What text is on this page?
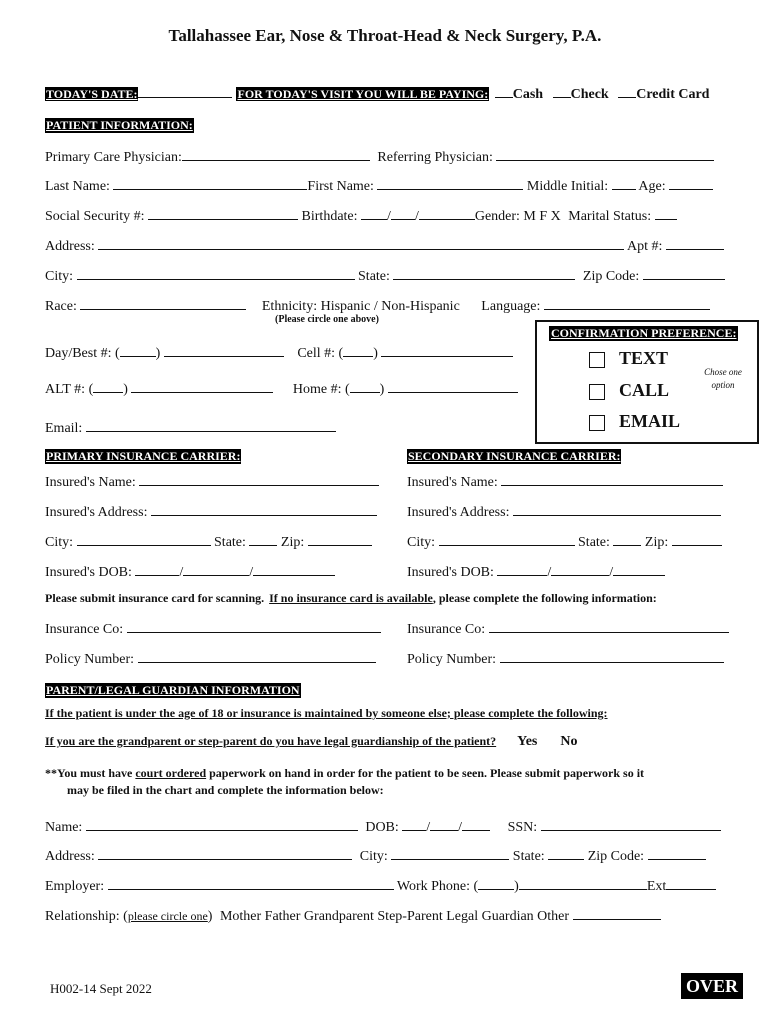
Tallahassee Ear, Nose & Throat-Head & Neck Surgery, P.A.
TODAY'S DATE:	FOR TODAY'S VISIT YOU WILL BE PAYING: Cash Check Credit Card
PATIENT INFORMATION:
Primary Care Physician:	Referring Physician:
Last Name:	First Name:	Middle Initial: Age:
Social Security #:	Birthdate: / /	Gender: M F X Marital Status:
Address:	Apt #:
City:	State:	Zip Code:
Race:	Ethnicity: Hispanic / Non-Hispanic Language:
(Please circle one above)
Day/Best #: (	)	Cell #: ( )
ALT #: ( )	Home #: ( )
Email:
CONFIRMATION PREFERENCE:
TEXT
CALL
EMAIL
Chose one option
PRIMARY INSURANCE CARRIER:	SECONDARY INSURANCE CARRIER:
Insured's Name:
Insured's Address:
City:	State:	Zip:
Insured's DOB:	/	/
Insured's Name:
Insured's Address:
City:	State:	Zip:
Insured's DOB:	/	/
Please submit insurance card for scanning. If no insurance card is available, please complete the following information:
Insurance Co:	Insurance Co:
Policy Number:	Policy Number:
PARENT/LEGAL GUARDIAN INFORMATION
If the patient is under the age of 18 or insurance is maintained by someone else; please complete the following:
If you are the grandparent or step-parent do you have legal guardianship of the patient? Yes No
**You must have court ordered paperwork on hand in order for the patient to be seen. Please submit paperwork so it
may be filed in the chart and complete the information below:
Name:	DOB: / /	SSN:
Address:	City:	State:	Zip Code:
Employer:	Work Phone: (	)	Ext
Relationship: (please circle one) Mother Father Grandparent Step-Parent Legal Guardian Other
H002-14 Sept 2022	OVER
